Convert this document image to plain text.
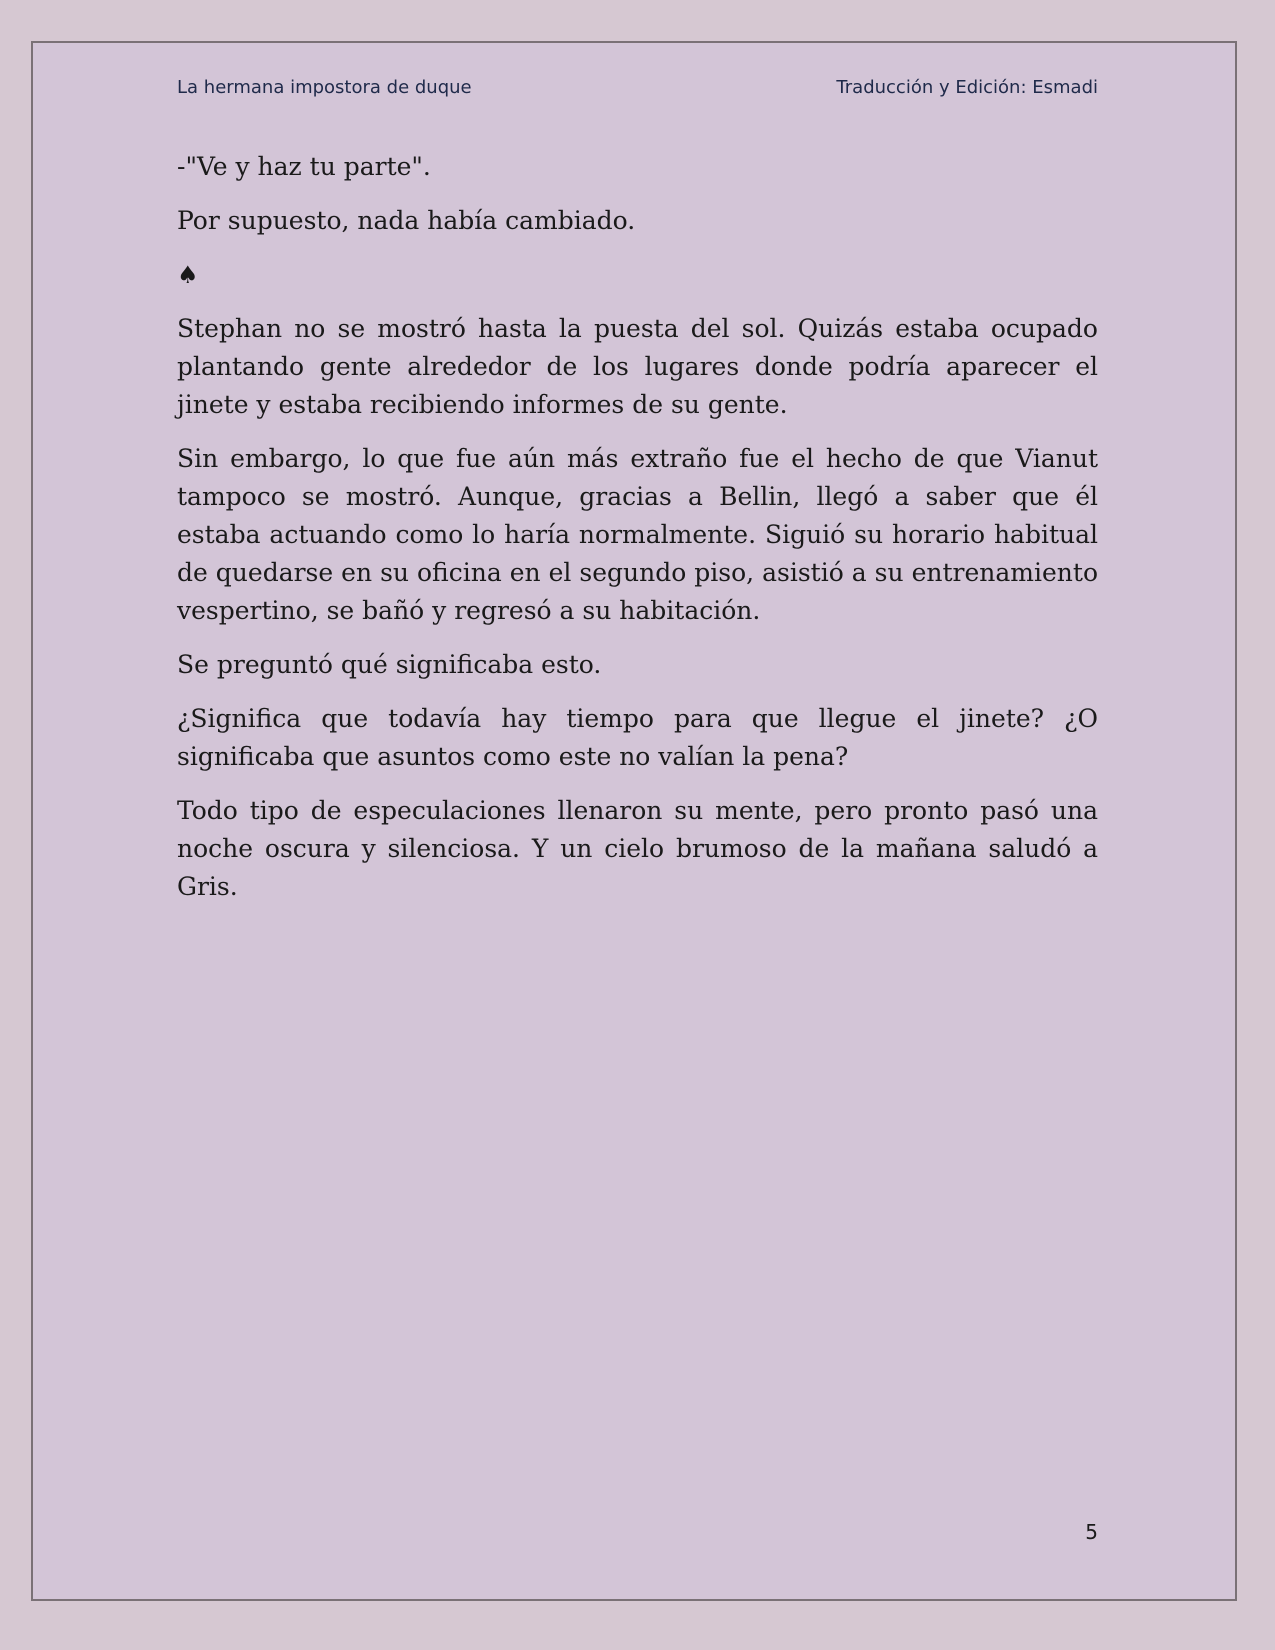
La hermana impostora de duque	Traducción y Edición: Esmadi

-"Ve y haz tu parte".

Por supuesto, nada había cambiado.

♠

Stephan no se mostró hasta la puesta del sol. Quizás estaba ocupado plantando gente alrededor de los lugares donde podría aparecer el jinete y estaba recibiendo informes de su gente.

Sin embargo, lo que fue aún más extraño fue el hecho de que Vianut tampoco se mostró. Aunque, gracias a Bellin, llegó a saber que él estaba actuando como lo haría normalmente. Siguió su horario habitual de quedarse en su oficina en el segundo piso, asistió a su entrenamiento vespertino, se bañó y regresó a su habitación.

Se preguntó qué significaba esto.

¿Significa que todavía hay tiempo para que llegue el jinete? ¿O significaba que asuntos como este no valían la pena?

Todo tipo de especulaciones llenaron su mente, pero pronto pasó una noche oscura y silenciosa. Y un cielo brumoso de la mañana saludó a Gris.

5
